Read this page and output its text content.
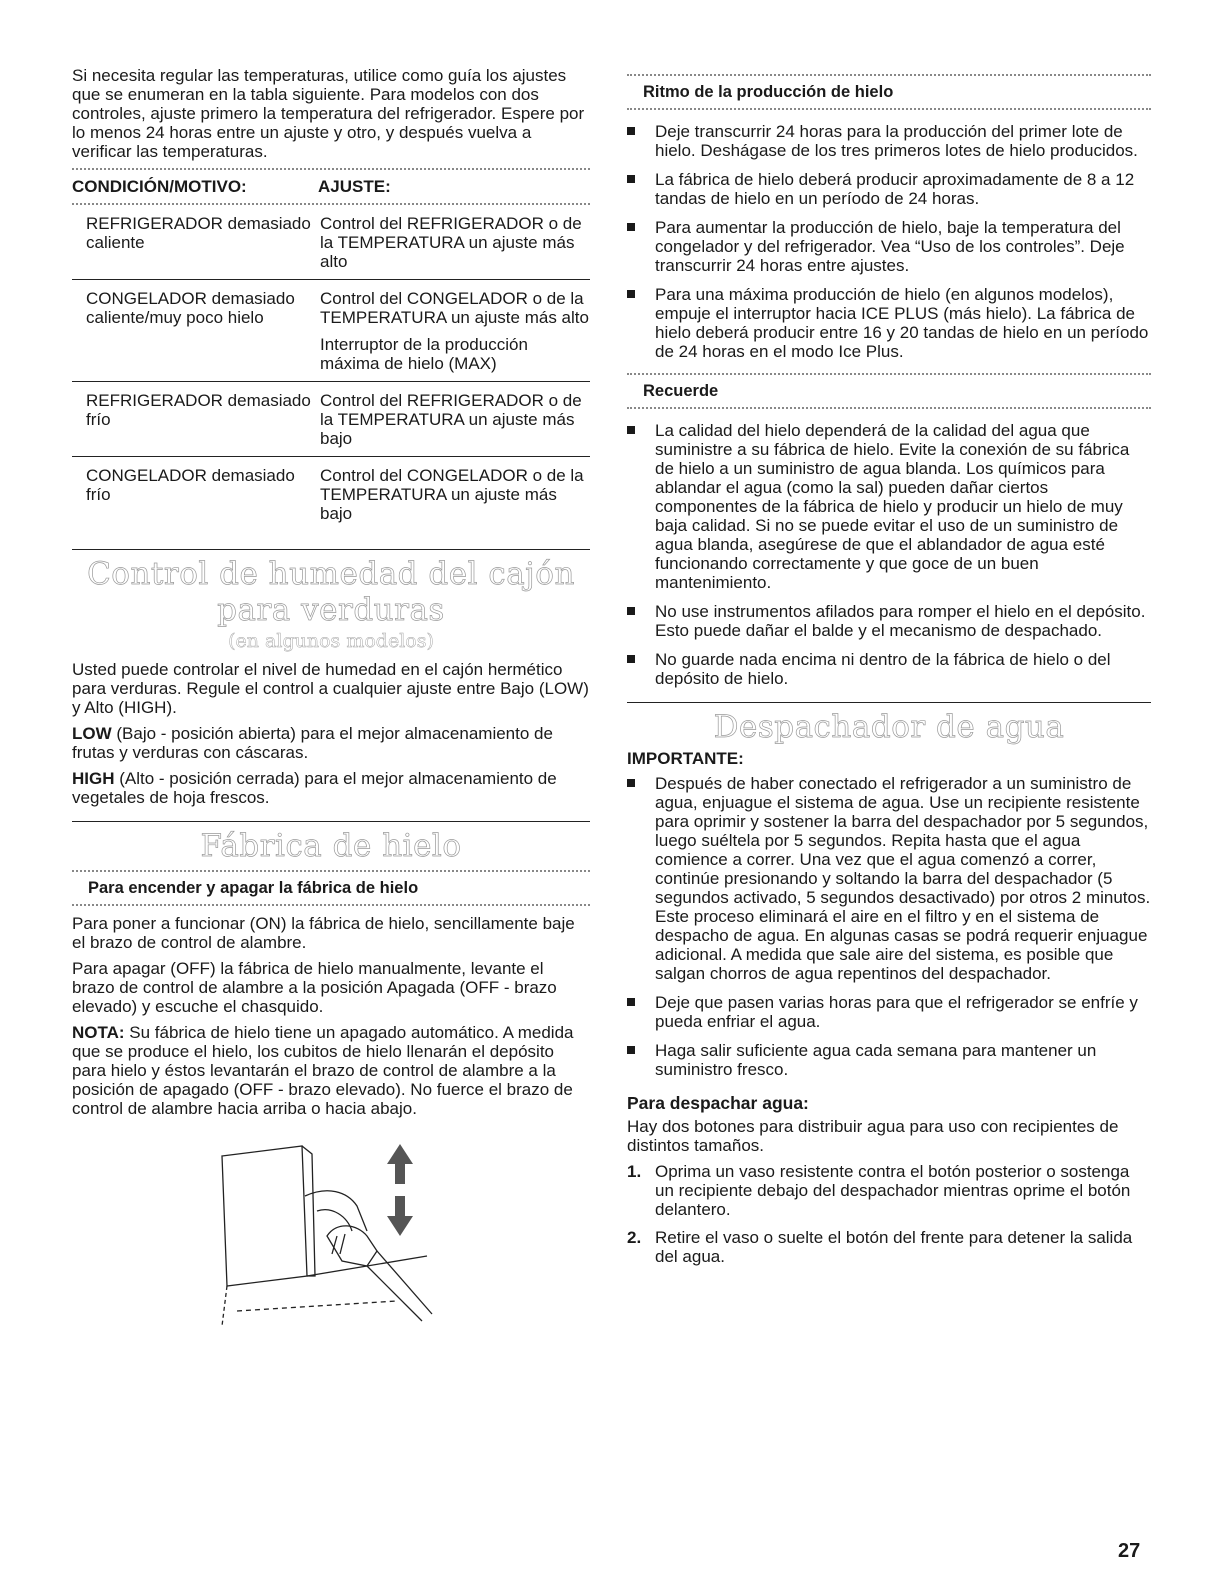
Si necesita regular las temperaturas, utilice como guía los ajustes que se enumeran en la tabla siguiente. Para modelos con dos controles, ajuste primero la temperatura del refrigerador. Espere por lo menos 24 horas entre un ajuste y otro, y después vuelva a verificar las temperaturas.

CONDICIÓN/MOTIVO:	AJUSTE:
REFRIGERADOR demasiado caliente
Control del REFRIGERADOR o de la TEMPERATURA un ajuste más alto
CONGELADOR demasiado caliente/muy poco hielo
Control del CONGELADOR o de la TEMPERATURA un ajuste más alto
Interruptor de la producción máxima de hielo (MAX)
REFRIGERADOR demasiado frío
Control del REFRIGERADOR o de la TEMPERATURA un ajuste más bajo
CONGELADOR demasiado frío
Control del CONGELADOR o de la TEMPERATURA un ajuste más bajo
Control de humedad del cajón para verduras
(en algunos modelos)

Usted puede controlar el nivel de humedad en el cajón hermético para verduras. Regule el control a cualquier ajuste entre Bajo (LOW) y Alto (HIGH).

LOW (Bajo - posición abierta) para el mejor almacenamiento de frutas y verduras con cáscaras.

HIGH (Alto - posición cerrada) para el mejor almacenamiento de vegetales de hoja frescos.

Fábrica de hielo
Para encender y apagar la fábrica de hielo

Para poner a funcionar (ON) la fábrica de hielo, sencillamente baje el brazo de control de alambre.

Para apagar (OFF) la fábrica de hielo manualmente, levante el brazo de control de alambre a la posición Apagada (OFF - brazo elevado) y escuche el chasquido.

NOTA: Su fábrica de hielo tiene un apagado automático. A medida que se produce el hielo, los cubitos de hielo llenarán el depósito para hielo y éstos levantarán el brazo de control de alambre a la posición de apagado (OFF - brazo elevado). No fuerce el brazo de control de alambre hacia arriba o hacia abajo.

Ritmo de la producción de hielo
Deje transcurrir 24 horas para la producción del primer lote de hielo. Deshágase de los tres primeros lotes de hielo producidos.
La fábrica de hielo deberá producir aproximadamente de 8 a 12 tandas de hielo en un período de 24 horas.
Para aumentar la producción de hielo, baje la temperatura del congelador y del refrigerador. Vea “Uso de los controles”. Deje transcurrir 24 horas entre ajustes.
Para una máxima producción de hielo (en algunos modelos), empuje el interruptor hacia ICE PLUS (más hielo). La fábrica de hielo deberá producir entre 16 y 20 tandas de hielo en un período de 24 horas en el modo Ice Plus.
Recuerde
La calidad del hielo dependerá de la calidad del agua que suministre a su fábrica de hielo. Evite la conexión de su fábrica de hielo a un suministro de agua blanda. Los químicos para ablandar el agua (como la sal) pueden dañar ciertos componentes de la fábrica de hielo y producir un hielo de muy baja calidad. Si no se puede evitar el uso de un suministro de agua blanda, asegúrese de que el ablandador de agua esté funcionando correctamente y que goce de un buen mantenimiento.
No use instrumentos afilados para romper el hielo en el depósito. Esto puede dañar el balde y el mecanismo de despachado.
No guarde nada encima ni dentro de la fábrica de hielo o del depósito de hielo.
Despachador de agua
IMPORTANTE:
Después de haber conectado el refrigerador a un suministro de agua, enjuague el sistema de agua. Use un recipiente resistente para oprimir y sostener la barra del despachador por 5 segundos, luego suéltela por 5 segundos. Repita hasta que el agua comience a correr. Una vez que el agua comenzó a correr, continúe presionando y soltando la barra del despachador (5 segundos activado, 5 segundos desactivado) por otros 2 minutos. Este proceso eliminará el aire en el filtro y en el sistema de despacho de agua. En algunas casas se podrá requerir enjuague adicional. A medida que sale aire del sistema, es posible que salgan chorros de agua repentinos del despachador.
Deje que pasen varias horas para que el refrigerador se enfríe y pueda enfriar el agua.
Haga salir suficiente agua cada semana para mantener un suministro fresco.
Para despachar agua:

Hay dos botones para distribuir agua para uso con recipientes de distintos tamaños.

1. Oprima un vaso resistente contra el botón posterior o sostenga un recipiente debajo del despachador mientras oprime el botón delantero.
2. Retire el vaso o suelte el botón del frente para detener la salida del agua.
27
